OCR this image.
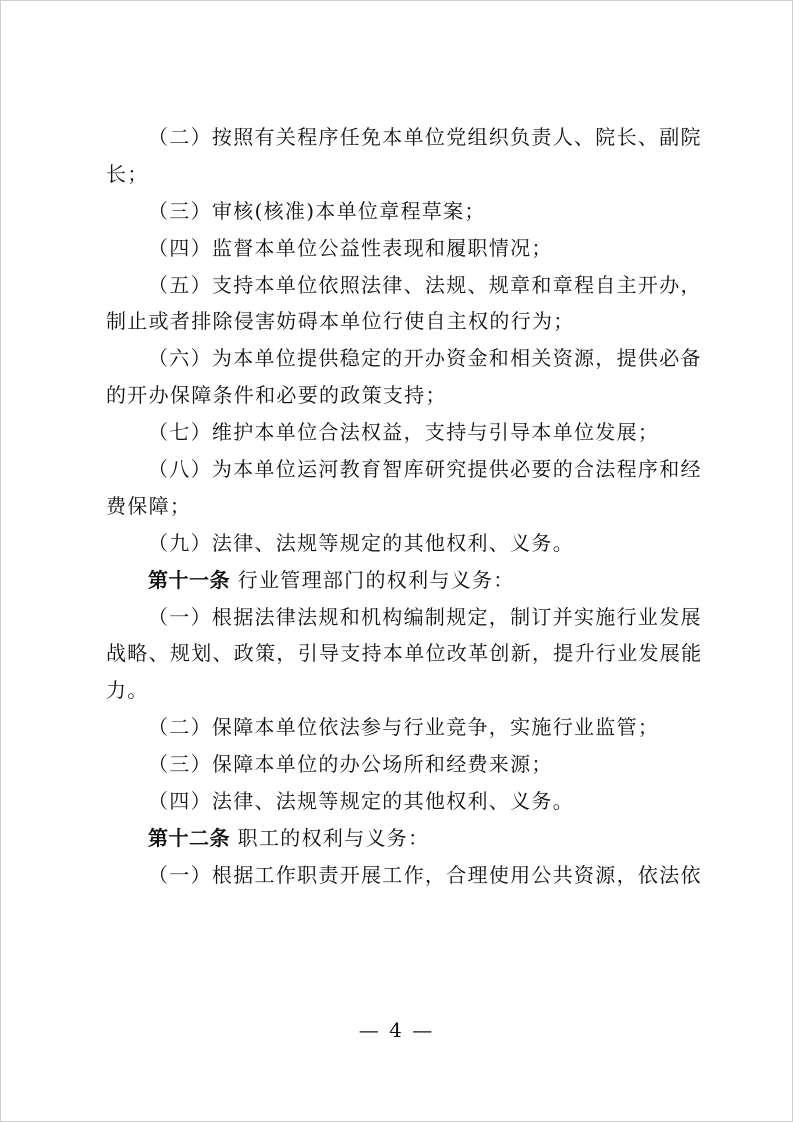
（二）按照有关程序任免本单位党组织负责人、院长、副院
长；
（三）审核(核准)本单位章程草案；
（四）监督本单位公益性表现和履职情况；
（五）支持本单位依照法律、法规、规章和章程自主开办，
制止或者排除侵害妨碍本单位行使自主权的行为；
（六）为本单位提供稳定的开办资金和相关资源，提供必备
的开办保障条件和必要的政策支持；
（七）维护本单位合法权益，支持与引导本单位发展；
（八）为本单位运河教育智库研究提供必要的合法程序和经
费保障；
（九）法律、法规等规定的其他权利、义务。
第十一条 行业管理部门的权利与义务：
（一）根据法律法规和机构编制规定，制订并实施行业发展
战略、规划、政策，引导支持本单位改革创新，提升行业发展能
力。
（二）保障本单位依法参与行业竞争，实施行业监管；
（三）保障本单位的办公场所和经费来源；
（四）法律、法规等规定的其他权利、义务。
第十二条 职工的权利与义务：
（一）根据工作职责开展工作，合理使用公共资源，依法依
— 4 —
